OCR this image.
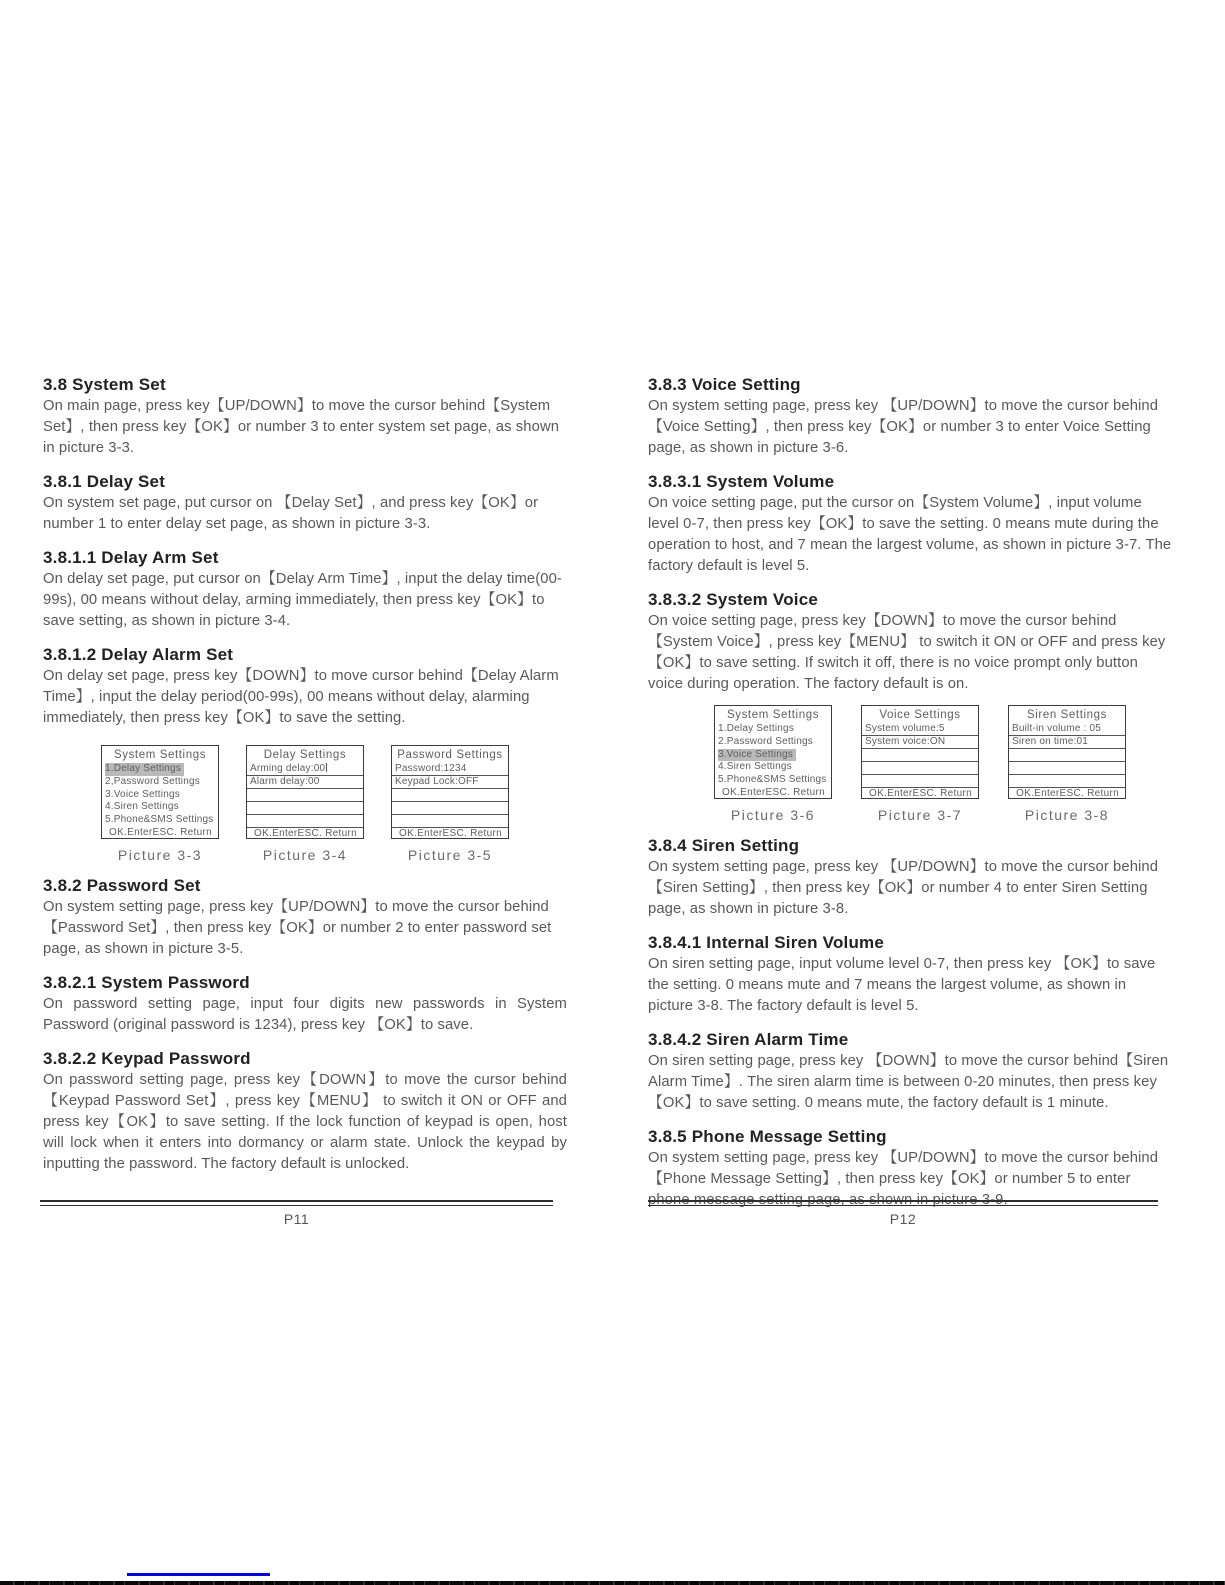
3.8 System Set

On main page, press key【UP/DOWN】to move the cursor behind【System Set】, then press key【OK】or number 3 to enter system set page, as shown in picture 3-3.

3.8.1 Delay Set

On system set page, put cursor on 【Delay Set】, and press key【OK】or number 1 to enter delay set page, as shown in picture 3-3.

3.8.1.1 Delay Arm Set

On delay set page, put cursor on【Delay Arm Time】, input the delay time(00-99s), 00 means without delay, arming immediately, then press key【OK】to save setting, as shown in picture 3-4.

3.8.1.2 Delay Alarm Set

On delay set page, press key【DOWN】to move cursor behind【Delay Alarm Time】, input the delay period(00-99s), 00 means without delay, alarming immediately, then press key【OK】to save the setting.

System Settings
1.Delay Settings
2,Password Settings
3.Voice Settings
4.Siren Settings
5.Phone&SMS Settings
OK.Enter ESC. Return
Picture 3-3
Delay Settings
Arming delay:00
Alarm delay:00
OK.Enter ESC. Return
Picture 3-4
Password Settings
Password:1234
Keypad Lock:OFF
OK.Enter ESC. Return
Picture 3-5
3.8.2 Password Set

On system setting page, press key【UP/DOWN】to move the cursor behind【Password Set】, then press key【OK】or number 2 to enter password set page, as shown in picture 3-5.

3.8.2.1 System Password

On password setting page, input four digits new passwords in System Password (original password is 1234), press key 【OK】to save.

3.8.2.2 Keypad Password

On password setting page, press key【DOWN】to move the cursor behind【Keypad Password Set】, press key【MENU】 to switch it ON or OFF and press key【OK】to save setting. If the lock function of keypad is open, host will lock when it enters into dormancy or alarm state. Unlock the keypad by inputting the password. The factory default is unlocked.

3.8.3 Voice Setting

On system setting page, press key 【UP/DOWN】to move the cursor behind【Voice Setting】, then press key【OK】or number 3 to enter Voice Setting page, as shown in picture 3-6.

3.8.3.1 System Volume

On voice setting page, put the cursor on【System Volume】, input volume level 0-7, then press key【OK】to save the setting. 0 means mute during the operation to host, and 7 mean the largest volume, as shown in picture 3-7. The factory default is level 5.

3.8.3.2 System Voice

On voice setting page, press key【DOWN】to move the cursor behind【System Voice】, press key【MENU】 to switch it ON or OFF and press key 【OK】to save setting. If switch it off, there is no voice prompt only button voice during operation. The factory default is on.

System Settings
1.Delay Settings
2.Password Settings
3.Voice Settings
4.Siren Settings
5.Phone&SMS Settings
OK.Enter ESC. Return
Picture 3-6
Voice Settings
System volume:5
System voice:ON
OK.Enter ESC. Return
Picture 3-7
Siren Settings
Built-in volume : 05
Siren on time:01
OK.Enter ESC. Return
Picture 3-8
3.8.4 Siren Setting

On system setting page, press key 【UP/DOWN】to move the cursor behind【Siren Setting】, then press key【OK】or number 4 to enter Siren Setting page, as shown in picture 3-8.

3.8.4.1 Internal Siren Volume

On siren setting page, input volume level 0-7, then press key 【OK】to save the setting. 0 means mute and 7 means the largest volume, as shown in picture 3-8. The factory default is level 5.

3.8.4.2 Siren Alarm Time

On siren setting page, press key 【DOWN】to move the cursor behind【Siren Alarm Time】. The siren alarm time is between 0-20 minutes, then press key【OK】to save setting. 0 means mute, the factory default is 1 minute.

3.8.5 Phone Message Setting

On system setting page, press key 【UP/DOWN】to move the cursor behind【Phone Message Setting】, then press key【OK】or number 5 to enter phone message setting page, as shown in picture 3-9.

P11	P12
